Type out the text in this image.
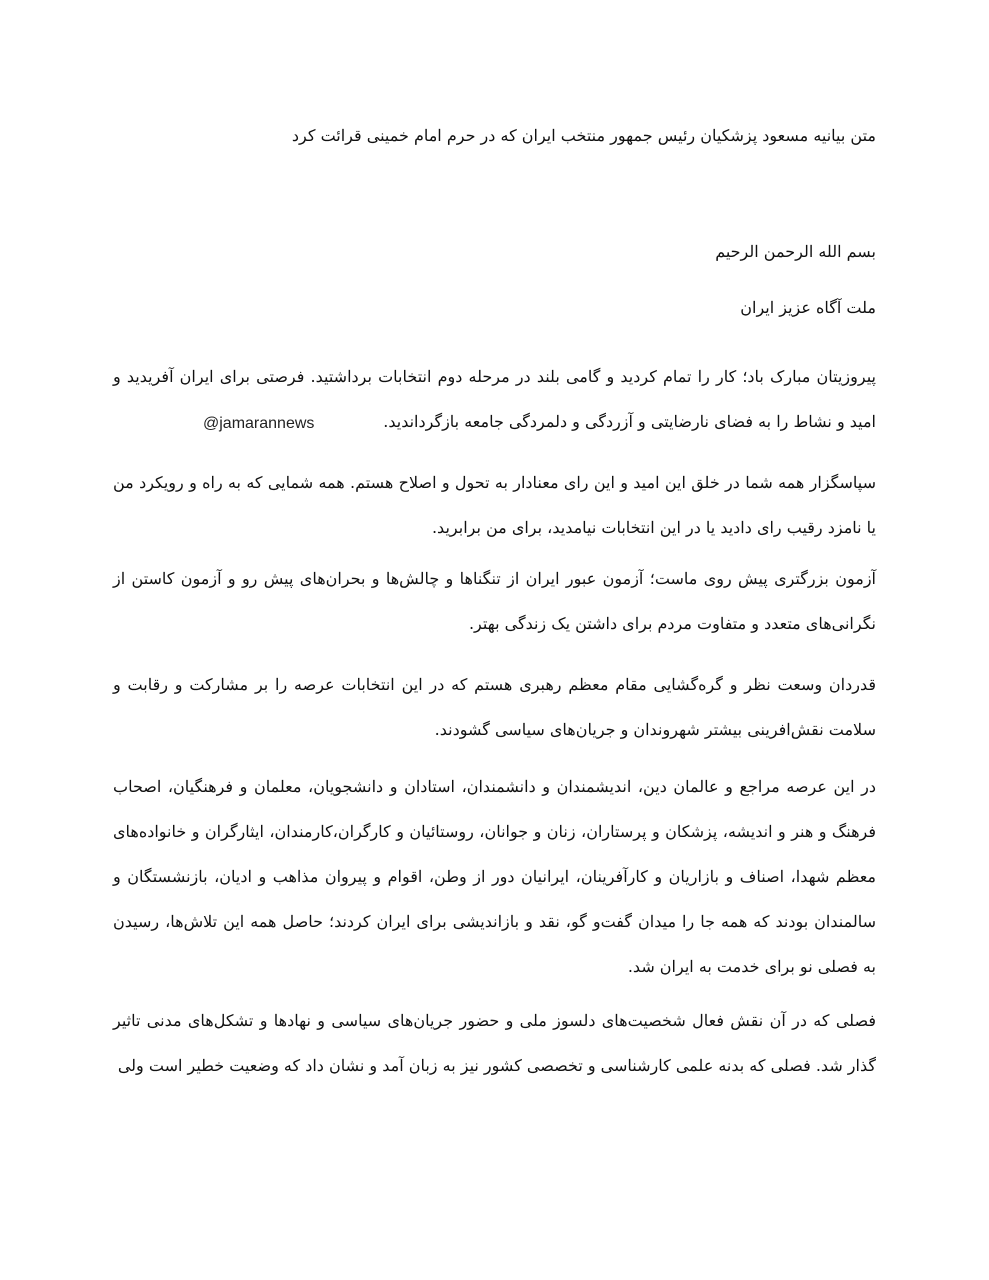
متن بیانیه مسعود پزشکیان رئیس جمهور منتخب ایران که در حرم امام خمینی قرائت کرد
بسم الله الرحمن الرحیم
ملت آگاه عزیز ایران
پیروزیتان مبارک باد؛ کار را تمام کردید و گامی بلند در مرحله دوم انتخابات برداشتید. فرصتی برای ایران آفریدید و امید و نشاط را به فضای نارضایتی و آزردگی و دلمردگی جامعه بازگرداندید.
سپاسگزار همه شما در خلق این امید و این رای معنادار به تحول و اصلاح هستم. همه شمایی که به راه و رویکرد من یا نامزد رقیب رای دادید یا در این انتخابات نیامدید، برای من برابرید.
آزمون بزرگتری پیش روی ماست؛ آزمون عبور ایران از تنگناها و چالش‌ها و بحران‌های پیش رو و آزمون کاستن از نگرانی‌های متعدد و متفاوت مردم برای داشتن یک زندگی بهتر.
قدردان وسعت نظر و گره‌گشایی مقام معظم رهبری هستم که در این انتخابات عرصه را بر مشارکت و رقابت و سلامت نقش‌افرینی بیشتر شهروندان و جریان‌های سیاسی گشودند.
در این عرصه مراجع و عالمان دین، اندیشمندان و دانشمندان، استادان و دانشجویان، معلمان و فرهنگیان، اصحاب فرهنگ و هنر و اندیشه، پزشکان و پرستاران، زنان و جوانان، روستائیان و کارگران،کارمندان، ایثارگران و خانواده‌های معظم شهدا، اصناف و بازاریان و کارآفرینان، ایرانیان دور از وطن، اقوام و پیروان مذاهب و ادیان، بازنشستگان و سالمندان بودند که همه جا را میدان گفت‌و گو، نقد و بازاندیشی برای ایران کردند؛ حاصل همه این تلاش‌ها، رسیدن به فصلی نو برای خدمت به ایران شد.
فصلی که در آن نقش فعال شخصیت‌های دلسوز ملی و حضور جریان‌های سیاسی و نهادها و تشکل‌های مدنی تاثیر گذار شد. فصلی که بدنه علمی کارشناسی و تخصصی کشور نیز به زبان آمد و نشان داد که وضعیت خطیر است ولی
@jamarannews
